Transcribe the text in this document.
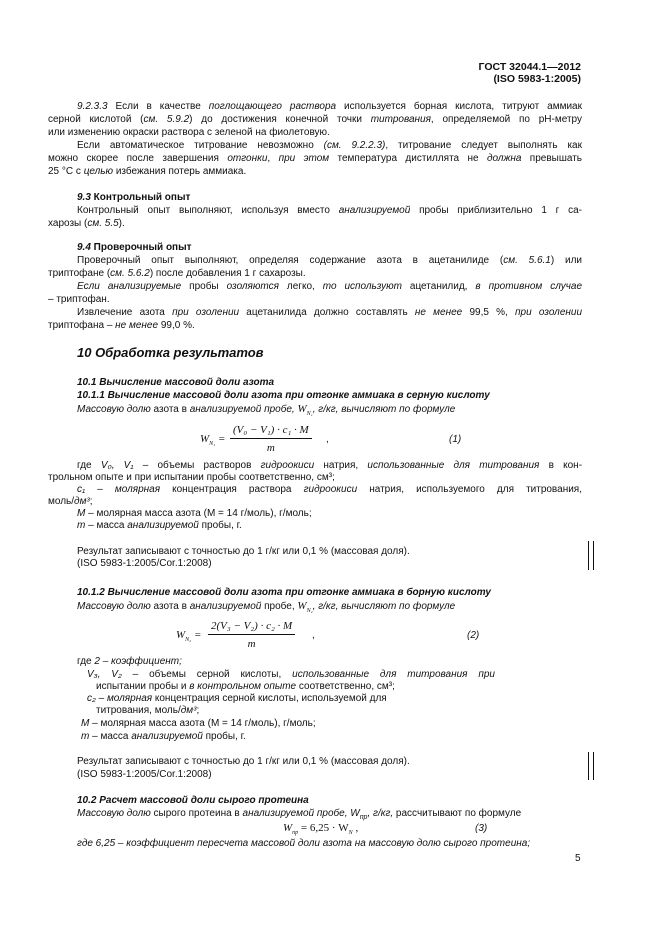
ГОСТ 32044.1—2012
(ISO 5983-1:2005)
9.2.3.3 Если в качестве поглощающего раствора используется борная кислота, титруют аммиак
серной кислотой (см. 5.9.2) до достижения конечной точки титрования, определяемой по рН-метру
или изменению окраски раствора с зеленой на фиолетовую.
Если автоматическое титрование невозможно (см. 9.2.2.3), титрование следует выполнять как
можно скорее после завершения отгонки, при этом температура дистиллята не должна превышать
25 °С с целью избежания потерь аммиака.
9.3 Контрольный опыт
Контрольный опыт выполняют, используя вместо анализируемой пробы приблизительно 1 г са-
харозы (см. 5.5).
9.4 Проверочный опыт
Проверочный опыт выполняют, определяя содержание азота в ацетанилиде (см. 5.6.1) или
триптофане (см. 5.6.2) после добавления 1 г сахарозы.
Если анализируемые пробы озоляются легко, то используют ацетанилид, в противном случае
– триптофан.
Извлечение азота при озолении ацетанилида должно составлять не менее 99,5 %, при озолении
триптофана – не менее 99,0 %.
10 Обработка результатов
10.1 Вычисление массовой доли азота
10.1.1 Вычисление массовой доли азота при отгонке аммиака в серную кислоту
Массовую долю азота в анализируемой пробе, $W_{N_1}$, г/кг, вычисляют по формуле
$W_{N_1} = \frac{\text{(V₀ − V₁) · c₁ · M}}{m}$ ,	(1)
где V₀, V₁ – объемы растворов гидроокиси натрия, использованные для титрования в кон-
трольном опыте и при испытании пробы соответственно, см³;
c₁ – молярная концентрация раствора гидроокиси натрия, используемого для титрования,
моль/дм³;
M – молярная масса азота (М = 14 г/моль), г/моль;
m – масса анализируемой пробы, г.
Результат записывают с точностью до 1 г/кг или 0,1 % (массовая доля).
(ISO 5983-1:2005/Cor.1:2008)
10.1.2 Вычисление массовой доли азота при отгонке аммиака в борную кислоту
Массовую долю азота в анализируемой пробе, $W_{N_2}$, г/кг, вычисляют по формуле
$W_{N_2} = \frac{\text{2(V₃ − V₂) · c₂ · M}}{m}$ ,	(2)
где 2 – коэффициент;
V₃, V₂ – объемы серной кислоты, использованные для титрования при
испытании пробы и в контрольном опыте соответственно, см³;
c₂ – молярная концентрация серной кислоты, используемой для
титрования, моль/дм³;
M – молярная масса азота (М = 14 г/моль), г/моль;
m – масса анализируемой пробы, г.
Результат записывают с точностью до 1 г/кг или 0,1 % (массовая доля).
(ISO 5983-1:2005/Cor.1:2008)
10.2 Расчет массовой доли сырого протеина
Массовую долю сырого протеина в анализируемой пробе, $W_{пр}$, г/кг, рассчитывают по формуле
$W_{пр} = 6,25 \cdot W_N$ ,	(3)
где 6,25 – коэффициент пересчета массовой доли азота на массовую долю сырого протеина;
5
